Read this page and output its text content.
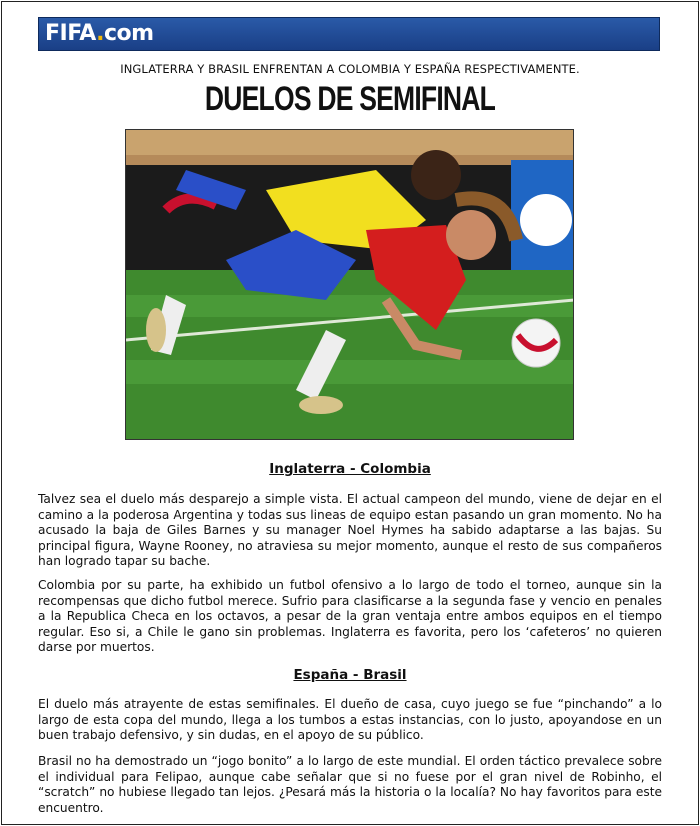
FIFA.com
INGLATERRA Y BRASIL ENFRENTAN A COLOMBIA Y ESPAÑA RESPECTIVAMENTE.
DUELOS DE SEMIFINAL
Inglaterra - Colombia
Talvez sea el duelo más desparejo a simple vista. El actual campeon del mundo, viene de dejar en el camino a la poderosa Argentina y todas sus lineas de equipo estan pasando un gran momento. No ha acusado la baja de Giles Barnes y su manager Noel Hymes ha sabido adaptarse a las bajas. Su principal figura, Wayne Rooney, no atraviesa su mejor momento, aunque el resto de sus compañeros han logrado tapar su bache.
Colombia por su parte, ha exhibido un futbol ofensivo a lo largo de todo el torneo, aunque sin la recompensas que dicho futbol merece. Sufrio para clasificarse a la segunda fase y vencio en penales a la Republica Checa en los octavos, a pesar de la gran ventaja entre ambos equipos en el tiempo regular. Eso si, a Chile le gano sin problemas. Inglaterra es favorita, pero los ‘cafeteros’ no quieren darse por muertos.
España - Brasil
El duelo más atrayente de estas semifinales. El dueño de casa, cuyo juego se fue “pinchando” a lo largo de esta copa del mundo, llega a los tumbos a estas instancias, con lo justo, apoyandose en un buen trabajo defensivo, y sin dudas, en el apoyo de su público.
Brasil no ha demostrado un “jogo bonito” a lo largo de este mundial. El orden táctico prevalece sobre el individual para Felipao, aunque cabe señalar que si no fuese por el gran nivel de Robinho, el “scratch” no hubiese llegado tan lejos. ¿Pesará más la historia o la localía? No hay favoritos para este encuentro.
